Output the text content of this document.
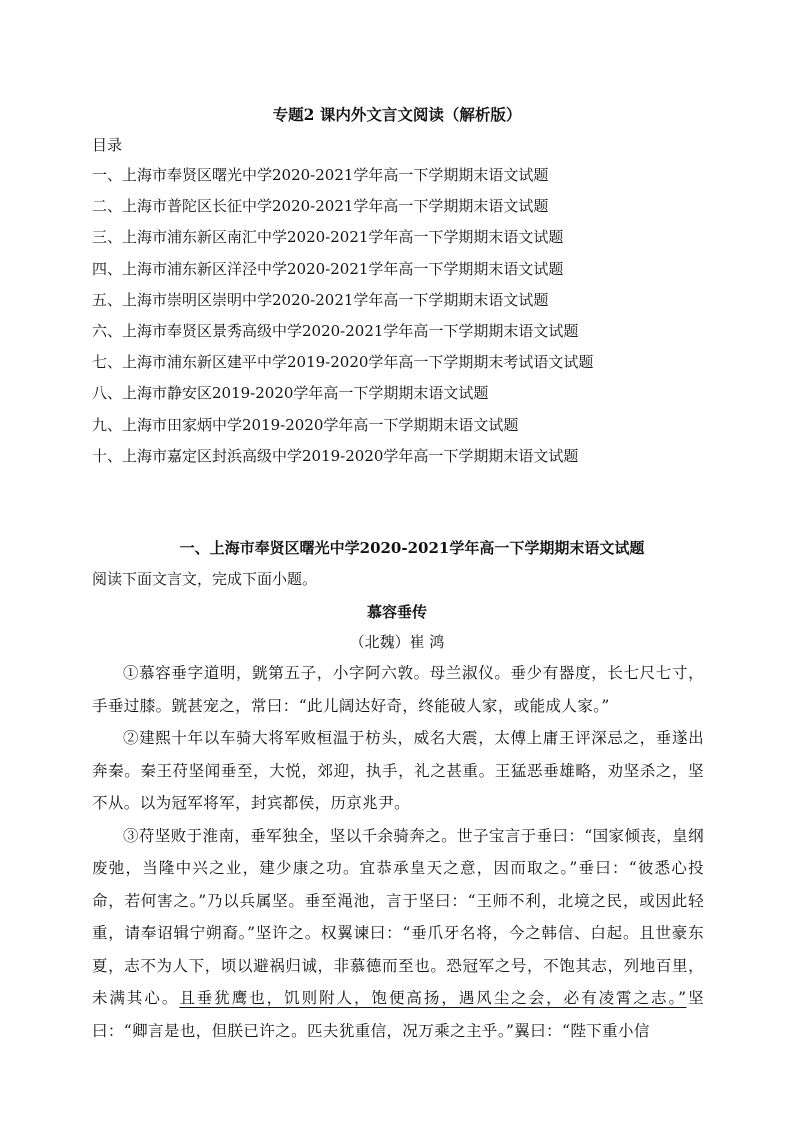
专题2 课内外文言文阅读（解析版）
目录
一、上海市奉贤区曙光中学2020-2021学年高一下学期期末语文试题
二、上海市普陀区长征中学2020-2021学年高一下学期期末语文试题
三、上海市浦东新区南汇中学2020-2021学年高一下学期期末语文试题
四、上海市浦东新区洋泾中学2020-2021学年高一下学期期末语文试题
五、上海市崇明区崇明中学2020-2021学年高一下学期期末语文试题
六、上海市奉贤区景秀高级中学2020-2021学年高一下学期期末语文试题
七、上海市浦东新区建平中学2019-2020学年高一下学期期末考试语文试题
八、上海市静安区2019-2020学年高一下学期期末语文试题
九、上海市田家炳中学2019-2020学年高一下学期期末语文试题
十、上海市嘉定区封浜高级中学2019-2020学年高一下学期期末语文试题
一、上海市奉贤区曙光中学2020-2021学年高一下学期期末语文试题
阅读下面文言文，完成下面小题。
慕容垂传
（北魏）崔 鸿

①慕容垂字道明，皝第五子，小字阿六敦。母兰淑仪。垂少有器度，长七尺七寸，手垂过膝。皝甚宠之，常曰：“此儿阔达好奇，终能破人家，或能成人家。”

②建熙十年以车骑大将军败桓温于枋头，威名大震，太傅上庸王评深忌之，垂遂出奔秦。秦王苻坚闻垂至，大悦，郊迎，执手，礼之甚重。王猛恶垂雄略，劝坚杀之，坚不从。以为冠军将军，封宾都侯，历京兆尹。

③苻坚败于淮南，垂军独全，坚以千余骑奔之。世子宝言于垂曰：“国家倾丧，皇纲废弛，当隆中兴之业，建少康之功。宜恭承皇天之意，因而取之。”垂曰：“彼悉心投命，若何害之。”乃以兵属坚。垂至渑池，言于坚曰：“王师不利，北境之民，或因此轻重，请奉诏辑宁朔裔。”坚许之。权翼谏曰：“垂爪牙名将，今之韩信、白起。且世豪东夏，志不为人下，顷以避祸归诚，非慕德而至也。恐冠军之号，不饱其志，列地百里，未满其心。且垂犹鹰也，饥则附人，饱便高扬，遇风尘之会，必有凌霄之志。”坚曰：“卿言是也，但朕已许之。匹夫犹重信，况万乘之主乎。”翼曰：“陛下重小信
